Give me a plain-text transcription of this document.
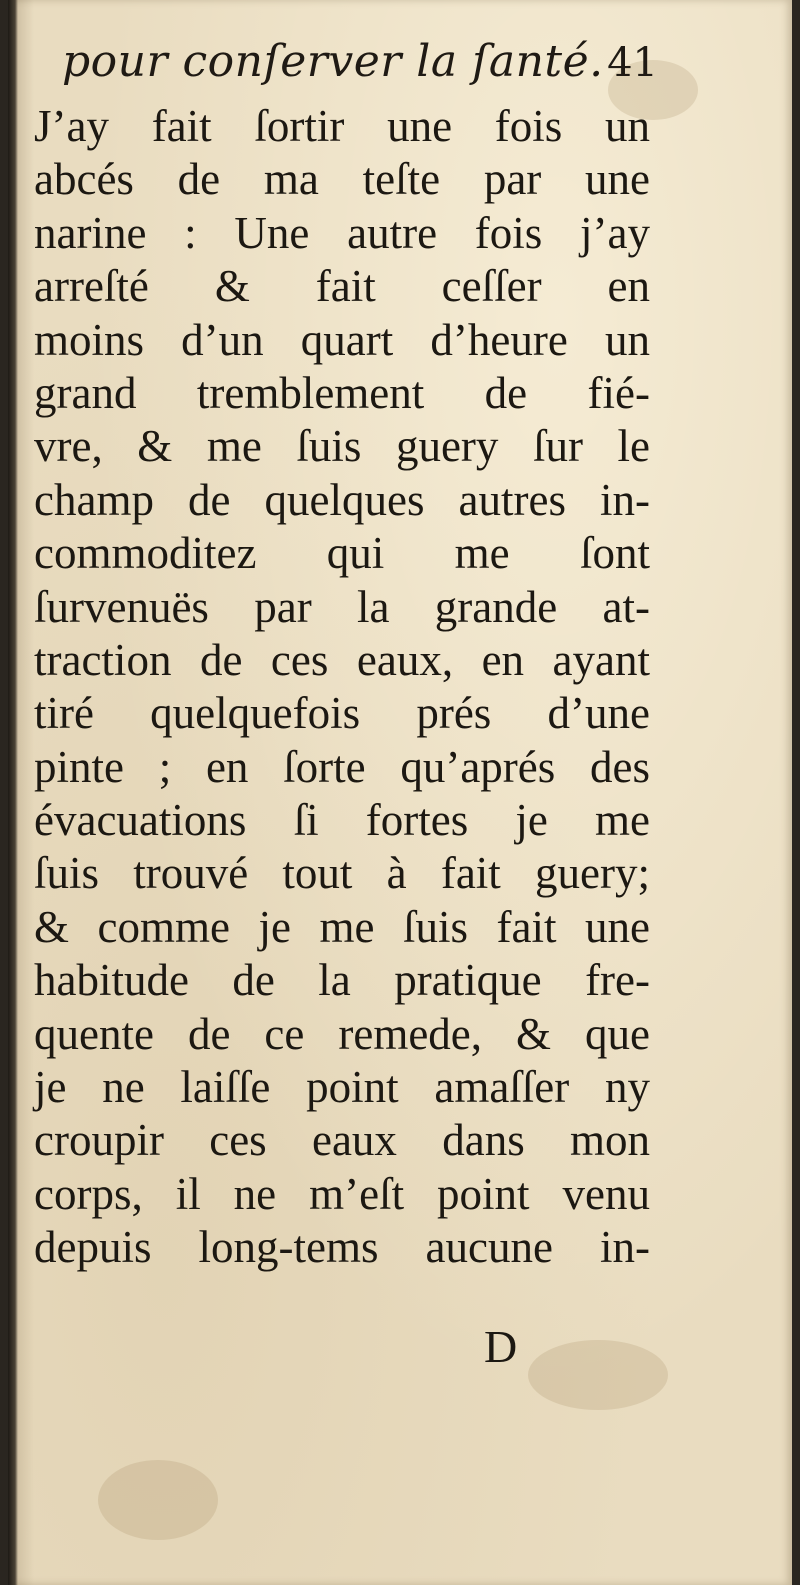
pour conſerver la ſanté. 41
J’ay fait ſortir une fois un
abcés de ma teſte par une
narine : Une autre fois j’ay
arreſté & fait ceſſer en
moins d’un quart d’heure un
grand tremblement de fié-
vre, & me ſuis guery ſur le
champ de quelques autres in-
commoditez qui me ſont
ſurvenuës par la grande at-
traction de ces eaux, en ayant
tiré quelquefois prés d’une
pinte ; en ſorte qu’aprés des
évacuations ſi fortes je me
ſuis trouvé tout à fait guery;
& comme je me ſuis fait une
habitude de la pratique fre-
quente de ce remede, & que
je ne laiſſe point amaſſer ny
croupir ces eaux dans mon
corps, il ne m’eſt point venu
depuis long-tems aucune in-
D
